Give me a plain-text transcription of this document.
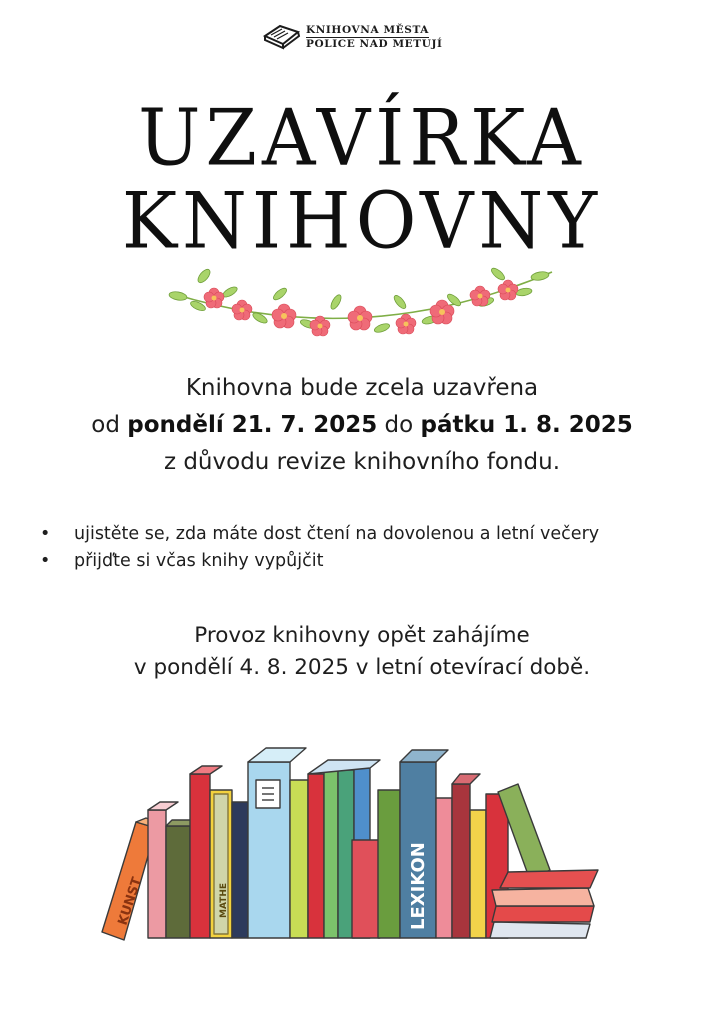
KNIHOVNA MĚSTA
POLICE NAD METUJÍ
UZAVÍRKA
KNIHOVNY
Knihovna bude zcela uzavřena
od pondělí 21. 7. 2025 do pátku 1. 8. 2025
z důvodu revize knihovního fondu.
• ujistěte se, zda máte dost čtení na dovolenou a letní večery
• přijďte si včas knihy vypůjčit
Provoz knihovny opět zahájíme
v pondělí 4. 8. 2025 v letní otevírací době.
KUNST	MATHE	LEXIKON
